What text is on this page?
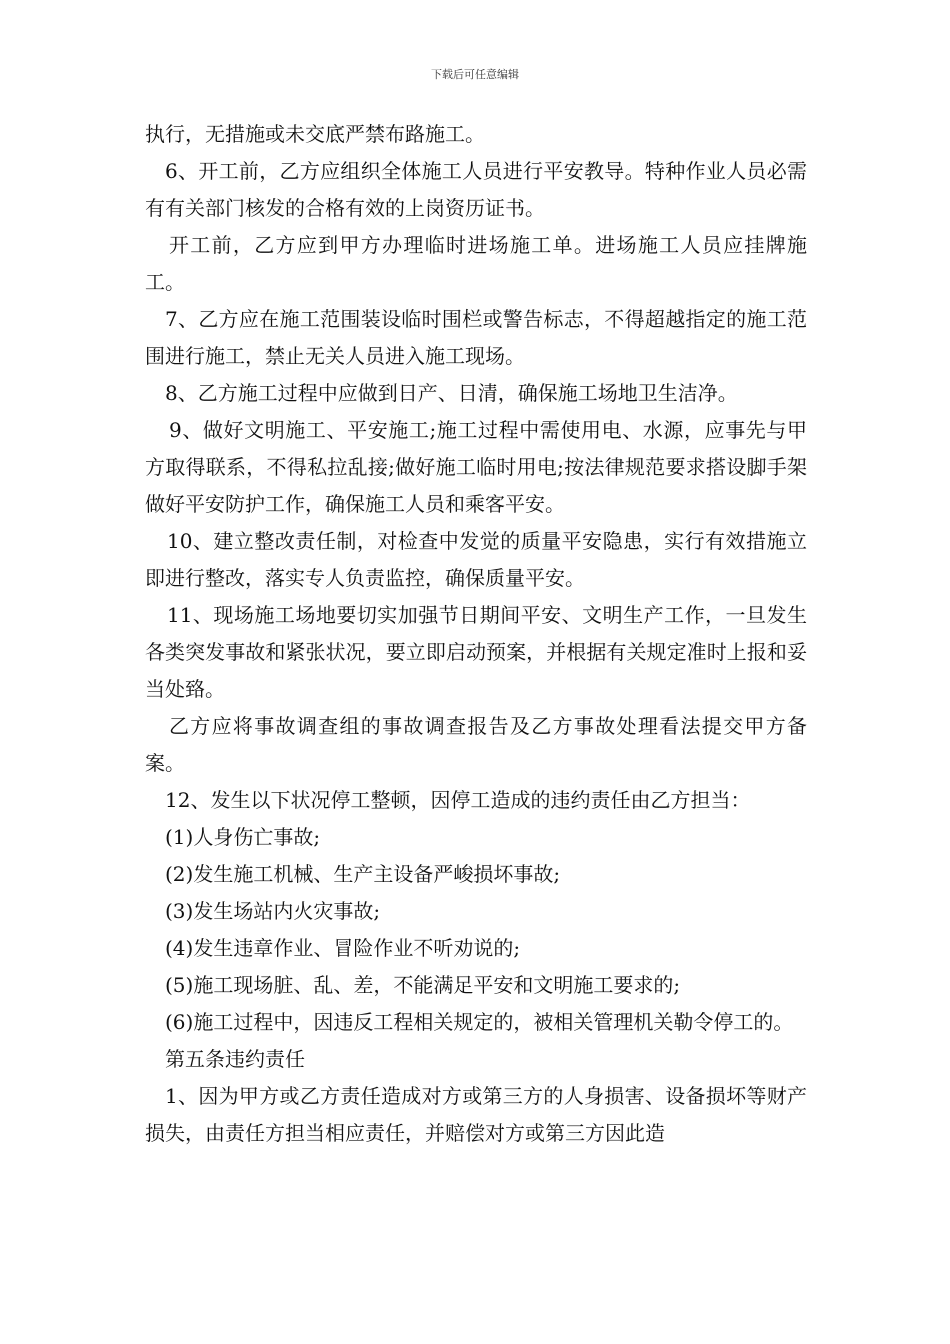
下载后可任意编辑

执行，无措施或未交底严禁布路施工。

6、开工前，乙方应组织全体施工人员进行平安教导。特种作业人员必需有有关部门核发的合格有效的上岗资历证书。

开工前，乙方应到甲方办理临时进场施工单。进场施工人员应挂牌施工。

7、乙方应在施工范围装设临时围栏或警告标志，不得超越指定的施工范围进行施工，禁止无关人员进入施工现场。

8、乙方施工过程中应做到日产、日清，确保施工场地卫生洁净。

9、做好文明施工、平安施工;施工过程中需使用电、水源，应事先与甲方取得联系，不得私拉乱接;做好施工临时用电;按法律规范要求搭设脚手架做好平安防护工作，确保施工人员和乘客平安。

10、建立整改责任制，对检查中发觉的质量平安隐患，实行有效措施立即进行整改，落实专人负责监控，确保质量平安。

11、现场施工场地要切实加强节日期间平安、文明生产工作，一旦发生各类突发事故和紧张状况，要立即启动预案，并根据有关规定准时上报和妥当处臵。

乙方应将事故调查组的事故调查报告及乙方事故处理看法提交甲方备案。

12、发生以下状况停工整顿，因停工造成的违约责任由乙方担当：

(1)人身伤亡事故;

(2)发生施工机械、生产主设备严峻损坏事故;

(3)发生场站内火灾事故;

(4)发生违章作业、冒险作业不听劝说的;

(5)施工现场脏、乱、差，不能满足平安和文明施工要求的;

(6)施工过程中，因违反工程相关规定的，被相关管理机关勒令停工的。

第五条违约责任

1、因为甲方或乙方责任造成对方或第三方的人身损害、设备损坏等财产损失，由责任方担当相应责任，并赔偿对方或第三方因此造
